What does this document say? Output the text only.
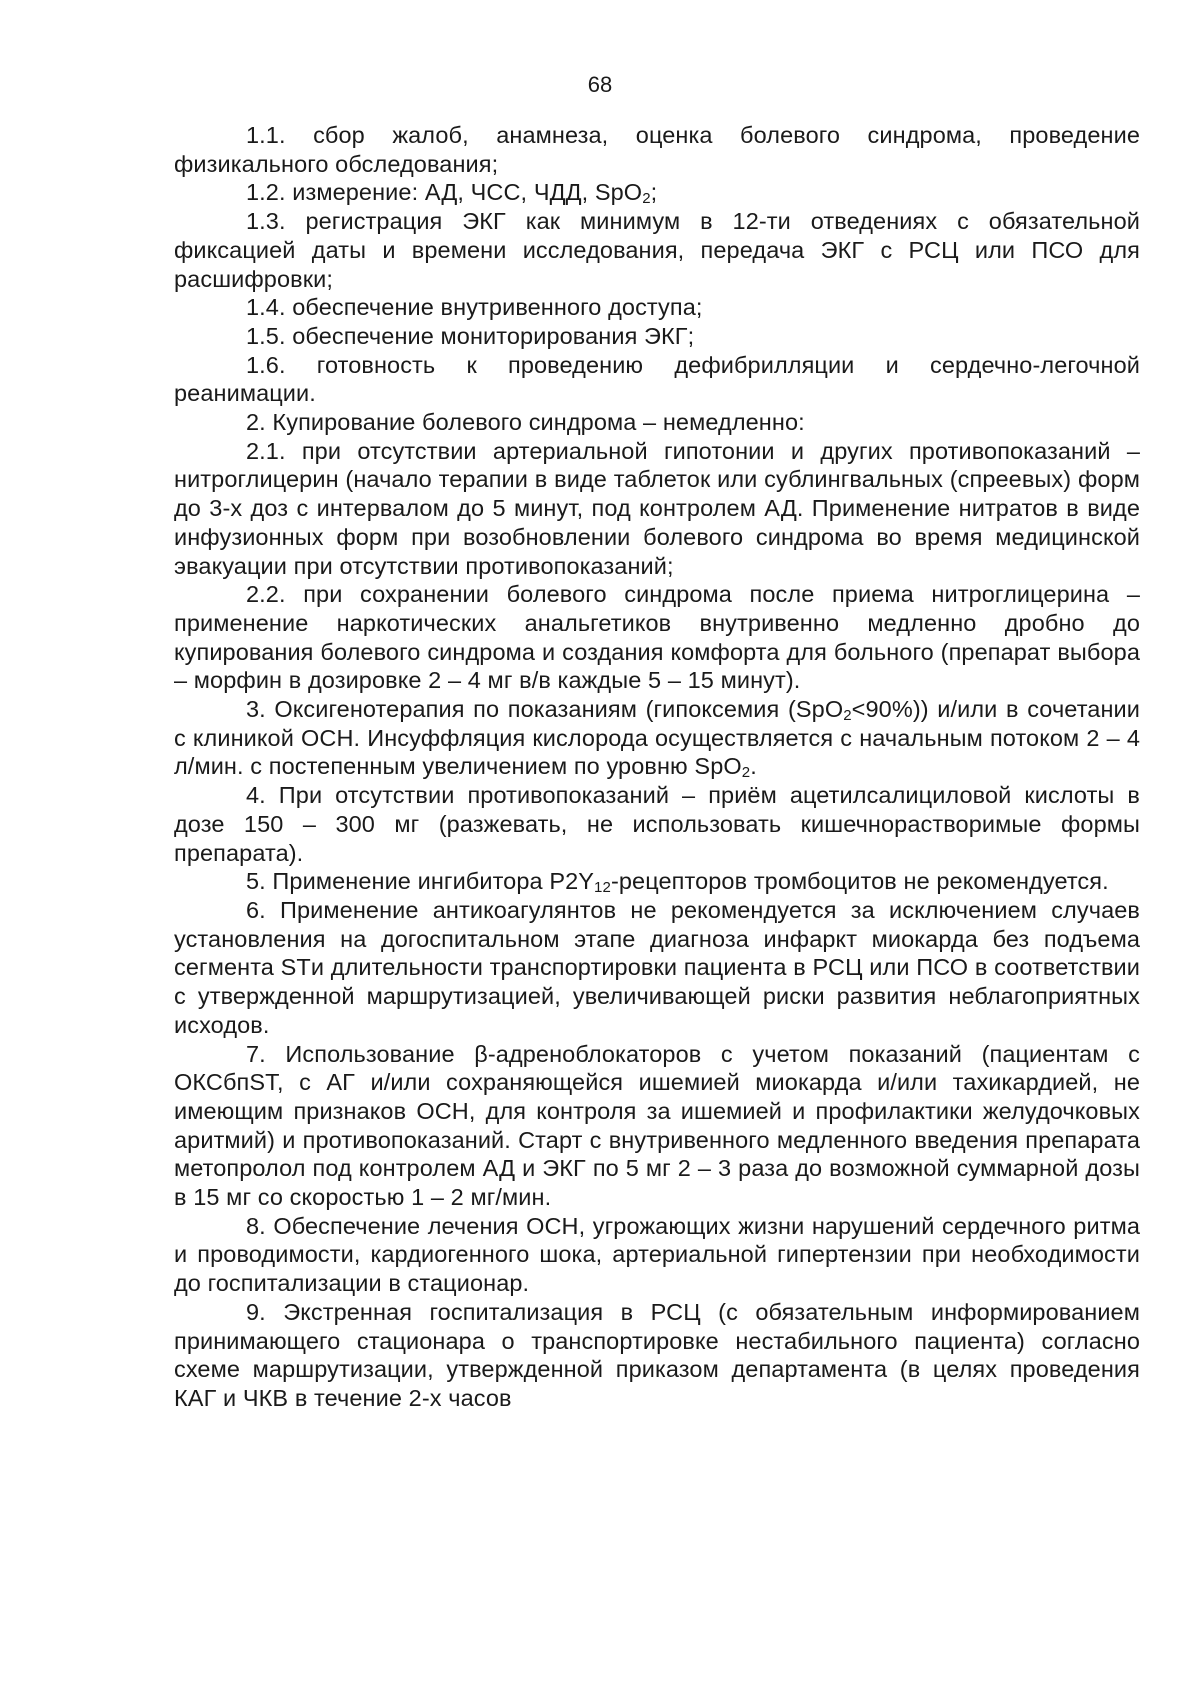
68

1.1. сбор жалоб, анамнеза, оценка болевого синдрома, проведение физикального обследования;

1.2. измерение: АД, ЧСС, ЧДД, SpO$_2$;

1.3. регистрация ЭКГ как минимум в 12-ти отведениях с обязательной фиксацией даты и времени исследования, передача ЭКГ с РСЦ или ПСО для расшифровки;

1.4. обеспечение внутривенного доступа;

1.5. обеспечение мониторирования ЭКГ;

1.6. готовность к проведению дефибрилляции и сердечно-легочной реанимации.

2. Купирование болевого синдрома – немедленно:

2.1. при отсутствии артериальной гипотонии и других противопоказаний – нитроглицерин (начало терапии в виде таблеток или сублингвальных (спреевых) форм до 3-х доз с интервалом до 5 минут, под контролем АД. Применение нитратов в виде инфузионных форм при возобновлении болевого синдрома во время медицинской эвакуации при отсутствии противопоказаний;

2.2. при сохранении болевого синдрома после приема нитроглицерина – применение наркотических анальгетиков внутривенно медленно дробно до купирования болевого синдрома и создания комфорта для больного (препарат выбора – морфин в дозировке 2 – 4 мг в/в каждые 5 – 15 минут).

3. Оксигенотерапия по показаниям (гипоксемия (SpO$_2$<90%)) и/или в сочетании с клиникой ОСН. Инсуффляция кислорода осуществляется с начальным потоком 2 – 4 л/мин. с постепенным увеличением по уровню SpO$_2$.

4. При отсутствии противопоказаний – приём ацетилсалициловой кислоты в дозе 150 – 300 мг (разжевать, не использовать кишечнорастворимые формы препарата).

5. Применение ингибитора $P2Y_{12}$-рецепторов тромбоцитов не рекомендуется.

6. Применение антикоагулянтов не рекомендуется за исключением случаев установления на догоспитальном этапе диагноза инфаркт миокарда без подъема сегмента STи длительности транспортировки пациента в РСЦ или ПСО в соответствии с утвержденной маршрутизацией, увеличивающей риски развития неблагоприятных исходов.

7. Использование β-адреноблокаторов с учетом показаний (пациентам с ОКСбпST, с АГ и/или сохраняющейся ишемией миокарда и/или тахикардией, не имеющим признаков ОСН, для контроля за ишемией и профилактики желудочковых аритмий) и противопоказаний. Старт с внутривенного медленного введения препарата метопролол под контролем АД и ЭКГ по 5 мг 2 – 3 раза до возможной суммарной дозы в 15 мг со скоростью 1 – 2 мг/мин.

8. Обеспечение лечения ОСН, угрожающих жизни нарушений сердечного ритма и проводимости, кардиогенного шока, артериальной гипертензии при необходимости до госпитализации в стационар.

9. Экстренная госпитализация в РСЦ (с обязательным информированием принимающего стационара о транспортировке нестабильного пациента) согласно схеме маршрутизации, утвержденной приказом департамента (в целях проведения КАГ и ЧКВ в течение 2-х часов
